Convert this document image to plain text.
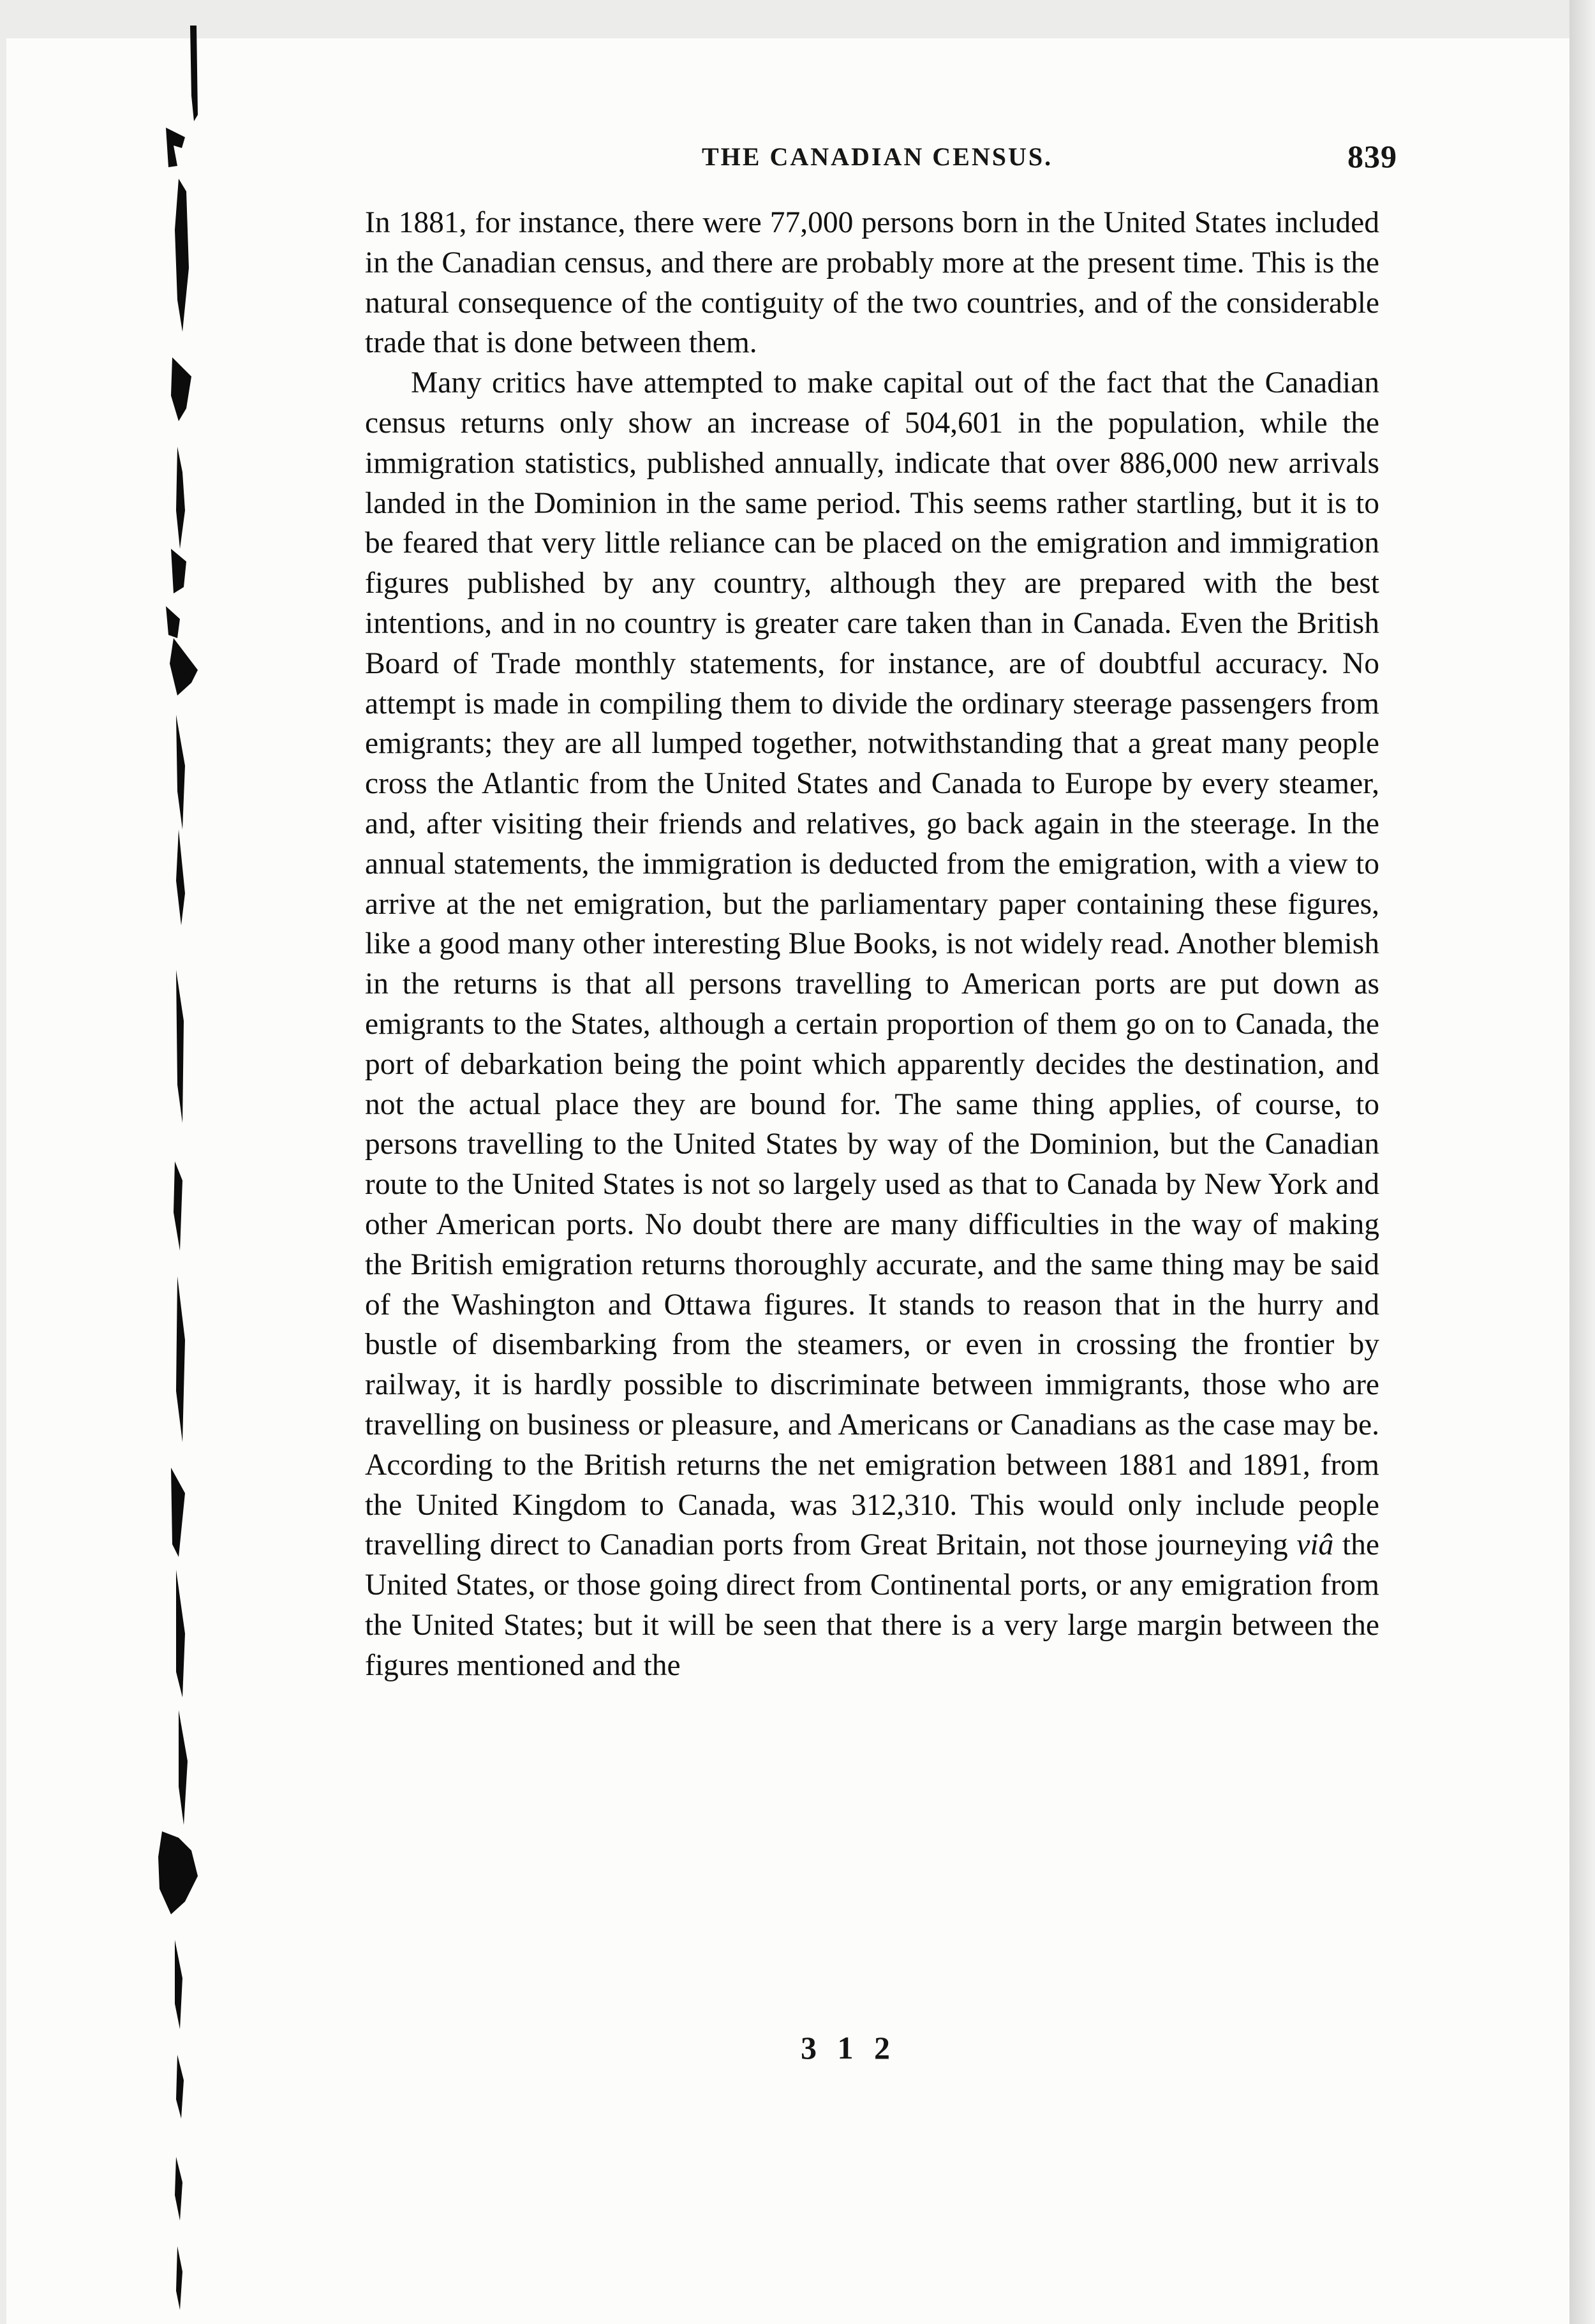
THE CANADIAN CENSUS.	839

In 1881, for instance, there were 77,000 persons born in the United States included in the Canadian census, and there are probably more at the present time. This is the natural consequence of the contiguity of the two countries, and of the considerable trade that is done between them.

Many critics have attempted to make capital out of the fact that the Canadian census returns only show an increase of 504,601 in the population, while the immigration statistics, published annually, indicate that over 886,000 new arrivals landed in the Dominion in the same period. This seems rather startling, but it is to be feared that very little reliance can be placed on the emigration and immigration figures published by any country, although they are prepared with the best intentions, and in no country is greater care taken than in Canada. Even the British Board of Trade monthly statements, for instance, are of doubtful accuracy. No attempt is made in compiling them to divide the ordinary steerage passengers from emigrants; they are all lumped together, notwithstanding that a great many people cross the Atlantic from the United States and Canada to Europe by every steamer, and, after visiting their friends and relatives, go back again in the steerage. In the annual statements, the immigration is deducted from the emigration, with a view to arrive at the net emigration, but the parliamentary paper containing these figures, like a good many other interesting Blue Books, is not widely read. Another blemish in the returns is that all persons travelling to American ports are put down as emigrants to the States, although a certain proportion of them go on to Canada, the port of debarkation being the point which apparently decides the destination, and not the actual place they are bound for. The same thing applies, of course, to persons travelling to the United States by way of the Dominion, but the Canadian route to the United States is not so largely used as that to Canada by New York and other American ports. No doubt there are many difficulties in the way of making the British emigration returns thoroughly accurate, and the same thing may be said of the Washington and Ottawa figures. It stands to reason that in the hurry and bustle of disembarking from the steamers, or even in crossing the frontier by railway, it is hardly possible to discriminate between immigrants, those who are travelling on business or pleasure, and Americans or Canadians as the case may be. According to the British returns the net emigration between 1881 and 1891, from the United Kingdom to Canada, was 312,310. This would only include people travelling direct to Canadian ports from Great Britain, not those journeying viâ the United States, or those going direct from Continental ports, or any emigration from the United States; but it will be seen that there is a very large margin between the figures mentioned and the

3 1 2
